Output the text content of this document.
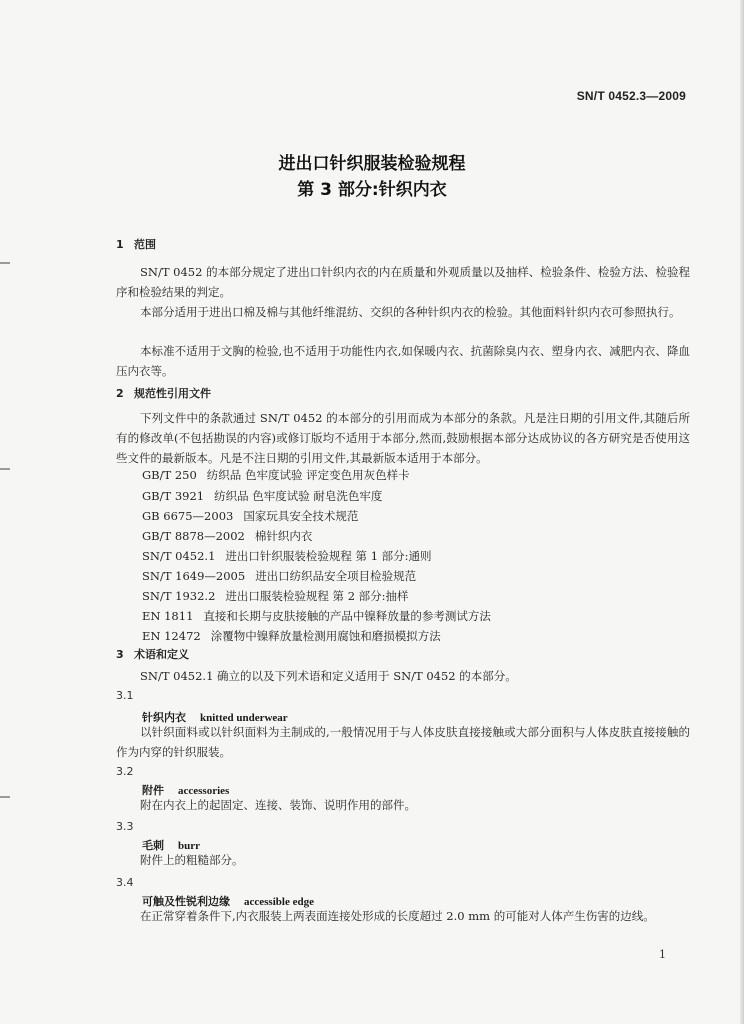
SN/T 0452.3—2009
进出口针织服装检验规程
第 3 部分:针织内衣
1 范围
SN/T 0452 的本部分规定了进出口针织内衣的内在质量和外观质量以及抽样、检验条件、检验方法、检验程序和检验结果的判定。
本部分适用于进出口棉及棉与其他纤维混纺、交织的各种针织内衣的检验。其他面料针织内衣可参照执行。
本标准不适用于文胸的检验,也不适用于功能性内衣,如保暖内衣、抗菌除臭内衣、塑身内衣、减肥内衣、降血压内衣等。
2 规范性引用文件
下列文件中的条款通过 SN/T 0452 的本部分的引用而成为本部分的条款。凡是注日期的引用文件,其随后所有的修改单(不包括勘误的内容)或修订版均不适用于本部分,然而,鼓励根据本部分达成协议的各方研究是否使用这些文件的最新版本。凡是不注日期的引用文件,其最新版本适用于本部分。
GB/T 250 纺织品 色牢度试验 评定变色用灰色样卡
GB/T 3921 纺织品 色牢度试验 耐皂洗色牢度
GB 6675—2003 国家玩具安全技术规范
GB/T 8878—2002 棉针织内衣
SN/T 0452.1 进出口针织服装检验规程 第 1 部分:通则
SN/T 1649—2005 进出口纺织品安全项目检验规范
SN/T 1932.2 进出口服装检验规程 第 2 部分:抽样
EN 1811 直接和长期与皮肤接触的产品中镍释放量的参考测试方法
EN 12472 涂覆物中镍释放量检测用腐蚀和磨损模拟方法
3 术语和定义
SN/T 0452.1 确立的以及下列术语和定义适用于 SN/T 0452 的本部分。
3.1
针织内衣 knitted underwear
以针织面料或以针织面料为主制成的,一般情况用于与人体皮肤直接接触或大部分面积与人体皮肤直接接触的作为内穿的针织服装。
3.2
附件 accessories
附在内衣上的起固定、连接、装饰、说明作用的部件。
3.3
毛刺 burr
附件上的粗糙部分。
3.4
可触及性锐利边缘 accessible edge
在正常穿着条件下,内衣服装上两表面连接处形成的长度超过 2.0 mm 的可能对人体产生伤害的边线。
1
